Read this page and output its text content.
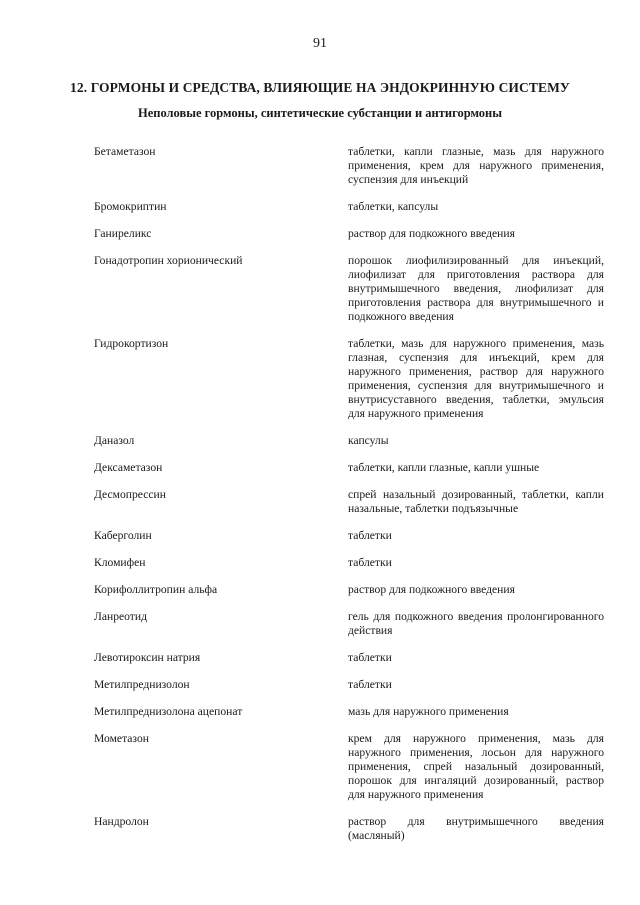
91
12. ГОРМОНЫ И СРЕДСТВА, ВЛИЯЮЩИЕ НА ЭНДОКРИННУЮ СИСТЕМУ
Неполовые гормоны, синтетические субстанции и антигормоны
Бетаметазон	таблетки, капли глазные, мазь для наружного применения, крем для наружного применения, суспензия для инъекций
Бромокриптин	таблетки, капсулы
Ганиреликс	раствор для подкожного введения
Гонадотропин хорионический	порошок лиофилизированный для инъекций, лиофилизат для приготовления раствора для внутримышечного введения, лиофилизат для приготовления раствора для внутримышечного и подкожного введения
Гидрокортизон	таблетки, мазь для наружного применения, мазь глазная, суспензия для инъекций, крем для наружного применения, раствор для наружного применения, суспензия для внутримышечного и внутрисуставного введения, таблетки, эмульсия для наружного применения
Даназол	капсулы
Дексаметазон	таблетки, капли глазные, капли ушные
Десмопрессин	спрей назальный дозированный, таблетки, капли назальные, таблетки подъязычные
Каберголин	таблетки
Кломифен	таблетки
Корифоллитропин альфа	раствор для подкожного введения
Ланреотид	гель для подкожного введения пролонгированного действия
Левотироксин натрия	таблетки
Метилпреднизолон	таблетки
Метилпреднизолона ацепонат	мазь для наружного применения
Мометазон	крем для наружного применения, мазь для наружного применения, лосьон для наружного применения, спрей назальный дозированный, порошок для ингаляций дозированный, раствор для наружного применения
Нандролон	раствор для внутримышечного введения (масляный)
